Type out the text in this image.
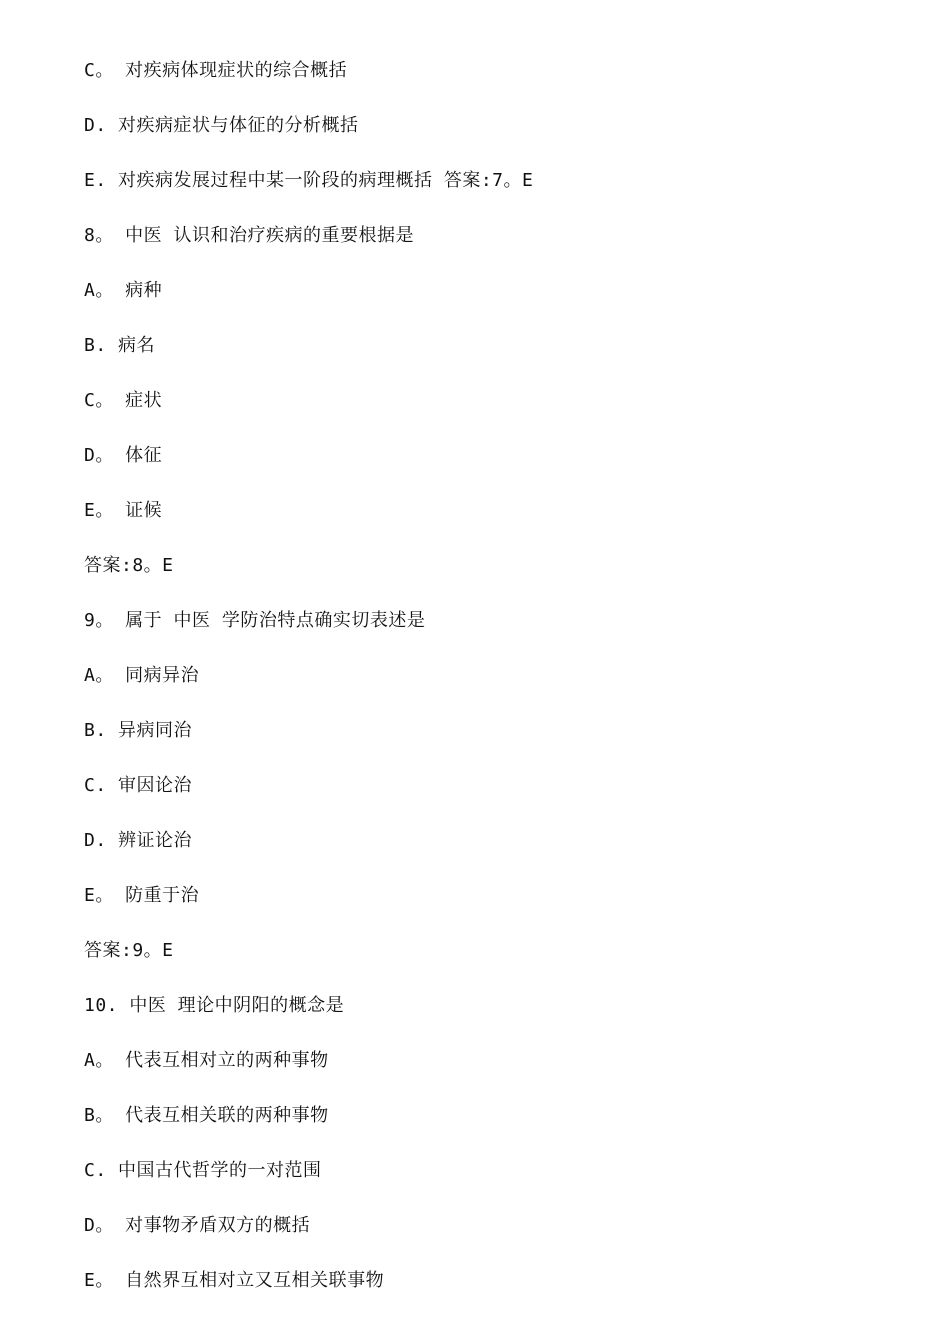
C。 对疾病体现症状的综合概括
D. 对疾病症状与体征的分析概括
E. 对疾病发展过程中某一阶段的病理概括 答案:7。E
8。 中医 认识和治疗疾病的重要根据是
A。 病种
B. 病名
C。 症状
D。 体征
E。 证候
答案:8。E
9。 属于 中医 学防治特点确实切表述是
A。 同病异治
B. 异病同治
C. 审因论治
D. 辨证论治
E。 防重于治
答案:9。E
10. 中医 理论中阴阳的概念是
A。 代表互相对立的两种事物
B。 代表互相关联的两种事物
C. 中国古代哲学的一对范围
D。 对事物矛盾双方的概括
E。 自然界互相对立又互相关联事物
